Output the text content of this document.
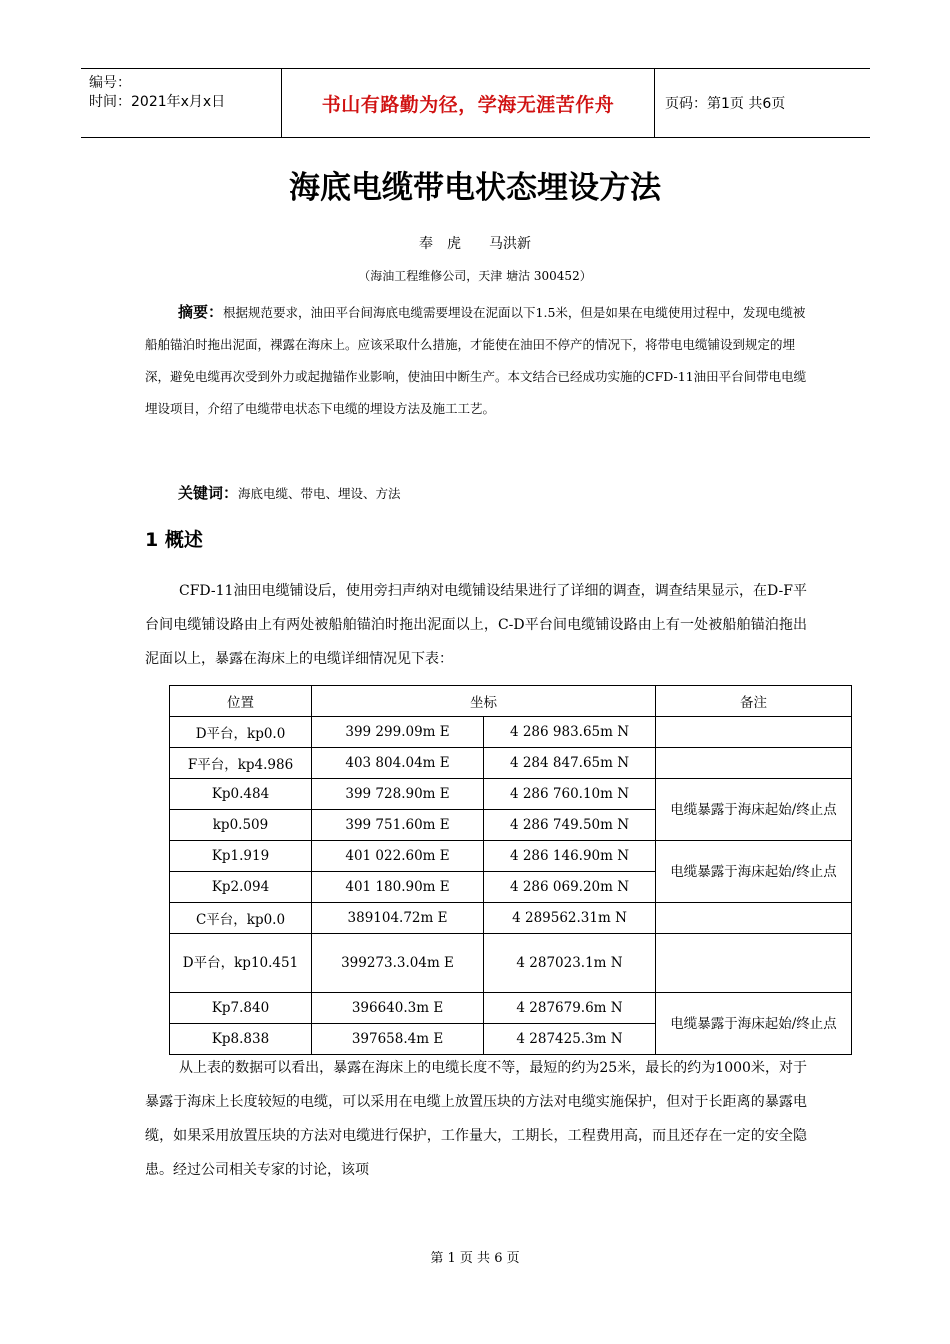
编号：
时间：2021年x月x日	书山有路勤为径，学海无涯苦作舟	页码：第1页 共6页
海底电缆带电状态埋设方法
奉　虎　　马洪新
（海油工程维修公司，天津 塘沽 300452）
摘要：根据规范要求，油田平台间海底电缆需要埋设在泥面以下1.5米，但是如果在电缆使用过程中，发现电缆被船舶锚泊时拖出泥面，裸露在海床上。应该采取什么措施，才能使在油田不停产的情况下，将带电电缆铺设到规定的埋深，避免电缆再次受到外力或起抛锚作业影响，使油田中断生产。本文结合已经成功实施的CFD-11油田平台间带电电缆埋设项目，介绍了电缆带电状态下电缆的埋设方法及施工工艺。
关键词：海底电缆、带电、埋设、方法
1 概述
CFD-11油田电缆铺设后，使用旁扫声纳对电缆铺设结果进行了详细的调查，调查结果显示，在D-F平台间电缆铺设路由上有两处被船舶锚泊时拖出泥面以上，C-D平台间电缆铺设路由上有一处被船舶锚泊拖出泥面以上，暴露在海床上的电缆详细情况见下表：
位置	坐标		备注
D平台，kp0.0	399 299.09m E	4 286 983.65m N	
F平台，kp4.986	403 804.04m E	4 284 847.65m N	
Kp0.484	399 728.90m E	4 286 760.10m N	电缆暴露于海床起始/终止点
kp0.509	399 751.60m E	4 286 749.50m N	
Kp1.919	401 022.60m E	4 286 146.90m N	电缆暴露于海床起始/终止点
Kp2.094	401 180.90m E	4 286 069.20m N	
C平台，kp0.0	389104.72m E	4 289562.31m N	
D平台，kp10.451	399273.3.04m E	4 287023.1m N	
Kp7.840	396640.3m E	4 287679.6m N	电缆暴露于海床起始/终止点
Kp8.838	397658.4m E	4 287425.3m N	
从上表的数据可以看出，暴露在海床上的电缆长度不等，最短的约为25米，最长的约为1000米，对于暴露于海床上长度较短的电缆，可以采用在电缆上放置压块的方法对电缆实施保护，但对于长距离的暴露电缆，如果采用放置压块的方法对电缆进行保护，工作量大，工期长，工程费用高，而且还存在一定的安全隐患。经过公司相关专家的讨论，该项
第 1 页 共 6 页
